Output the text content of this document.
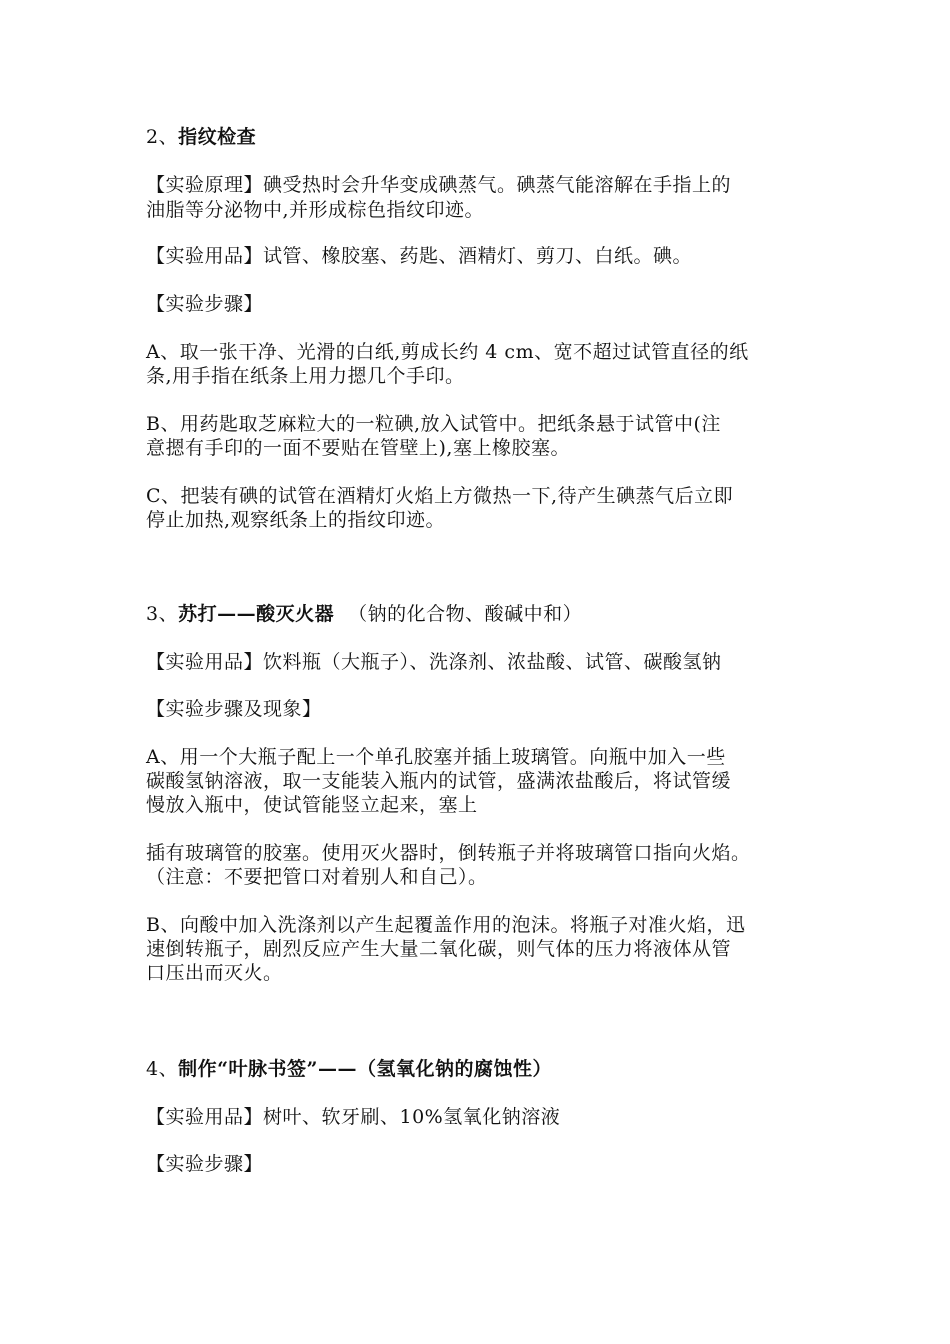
2、指纹检查
【实验原理】碘受热时会升华变成碘蒸气。碘蒸气能溶解在手指上的
油脂等分泌物中,并形成棕色指纹印迹。
【实验用品】试管、橡胶塞、药匙、酒精灯、剪刀、白纸。碘。
【实验步骤】
A、取一张干净、光滑的白纸,剪成长约 4 cm、宽不超过试管直径的纸
条,用手指在纸条上用力摁几个手印。
B、用药匙取芝麻粒大的一粒碘,放入试管中。把纸条悬于试管中(注
意摁有手印的一面不要贴在管壁上),塞上橡胶塞。
C、把装有碘的试管在酒精灯火焰上方微热一下,待产生碘蒸气后立即
停止加热,观察纸条上的指纹印迹。
3、苏打——酸灭火器 （钠的化合物、酸碱中和）
【实验用品】饮料瓶（大瓶子）、洗涤剂、浓盐酸、试管、碳酸氢钠
【实验步骤及现象】
A、用一个大瓶子配上一个单孔胶塞并插上玻璃管。向瓶中加入一些
碳酸氢钠溶液，取一支能装入瓶内的试管，盛满浓盐酸后，将试管缓
慢放入瓶中，使试管能竖立起来，塞上
插有玻璃管的胶塞。使用灭火器时，倒转瓶子并将玻璃管口指向火焰。
（注意：不要把管口对着别人和自己）。
B、向酸中加入洗涤剂以产生起覆盖作用的泡沫。将瓶子对准火焰，迅
速倒转瓶子，剧烈反应产生大量二氧化碳，则气体的压力将液体从管
口压出而灭火。
4、制作“叶脉书签”——（氢氧化钠的腐蚀性）
【实验用品】树叶、软牙刷、10%氢氧化钠溶液
【实验步骤】
